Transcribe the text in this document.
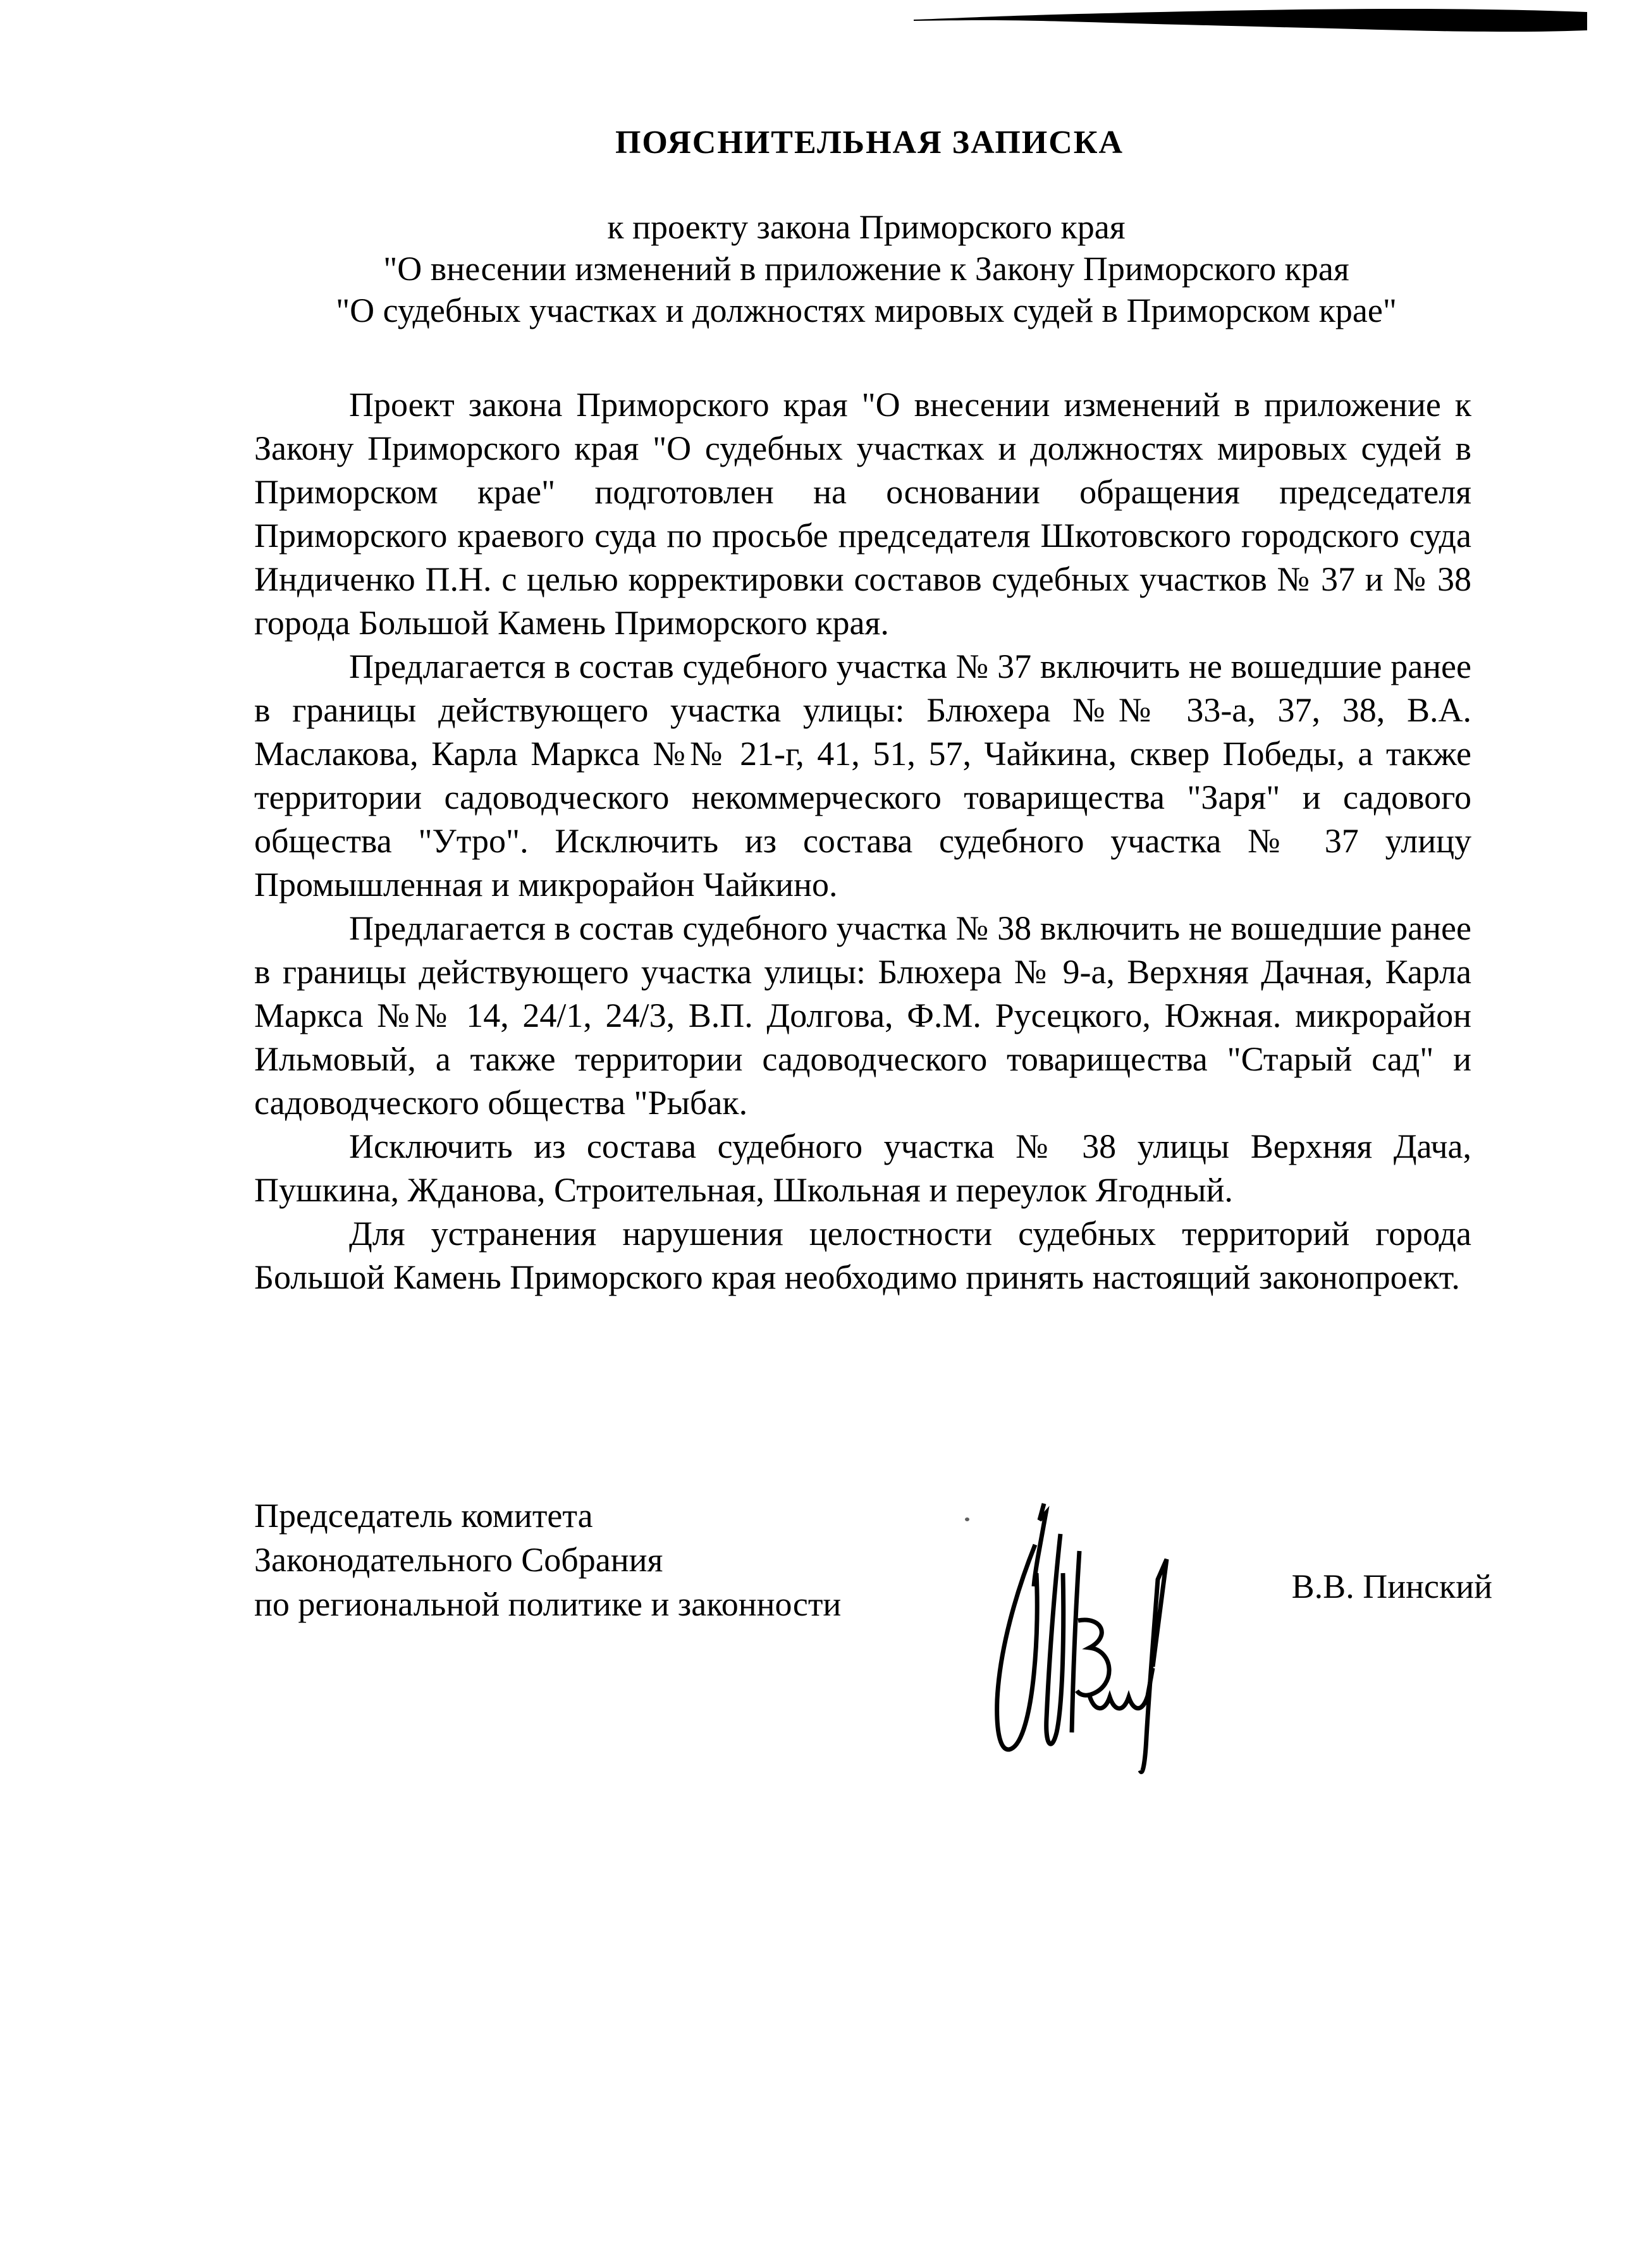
ПОЯСНИТЕЛЬНАЯ ЗАПИСКА
к проекту закона Приморского края
"О внесении изменений в приложение к Закону Приморского края
"О судебных участках и должностях мировых судей в Приморском крае"

Проект закона Приморского края "О внесении изменений в приложение к Закону Приморского края "О судебных участках и должностях мировых судей в Приморском крае" подготовлен на основании обращения председателя Приморского краевого суда по просьбе председателя Шкотовского городского суда Индиченко П.Н. с целью корректировки составов судебных участков № 37 и № 38 города Большой Камень Приморского края.

Предлагается в состав судебного участка № 37 включить не вошедшие ранее в границы действующего участка улицы: Блюхера №№ 33-а, 37, 38, В.А. Маслакова, Карла Маркса №№ 21-г, 41, 51, 57, Чайкина, сквер Победы, а также территории садоводческого некоммерческого товарищества "Заря" и садового общества "Утро". Исключить из состава судебного участка № 37 улицу Промышленная и микрорайон Чайкино.

Предлагается в состав судебного участка № 38 включить не вошедшие ранее в границы действующего участка улицы: Блюхера № 9-а, Верхняя Дачная, Карла Маркса №№ 14, 24/1, 24/3, В.П. Долгова, Ф.М. Русецкого, Южная. микрорайон Ильмовый, а также территории садоводческого товарищества "Старый сад" и садоводческого общества "Рыбак.

Исключить из состава судебного участка № 38 улицы Верхняя Дача, Пушкина, Жданова, Строительная, Школьная и переулок Ягодный.

Для устранения нарушения целостности судебных территорий города Большой Камень Приморского края необходимо принять настоящий законопроект.

Председатель комитета
Законодательного Собрания
по региональной политике и законности	В.В. Пинский
